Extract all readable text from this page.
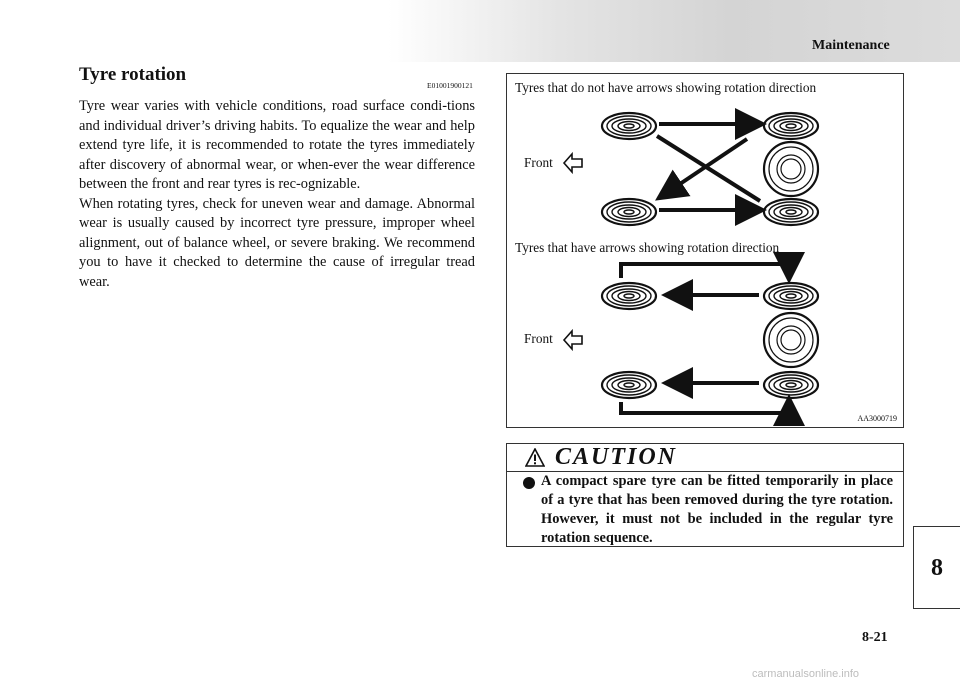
Maintenance
Tyre rotation
E01001900121

Tyre wear varies with vehicle conditions, road surface condi-tions and individual driver’s driving habits. To equalize the wear and help extend tyre life, it is recommended to rotate the tyres immediately after discovery of abnormal wear, or when-ever the wear difference between the front and rear tyres is rec-ognizable.

When rotating tyres, check for uneven wear and damage. Abnormal wear is usually caused by incorrect tyre pressure, improper wheel alignment, out of balance wheel, or severe braking. We recommend you to have it checked to determine the cause of irregular tread wear.

Tyres that do not have arrows showing rotation direction
Front
Tyres that have arrows showing rotation direction
Front
AA3000719
CAUTION
A compact spare tyre can be fitted temporarily in place of a tyre that has been removed during the tyre rotation. However, it must not be included in the regular tyre rotation sequence.
8
8-21
carmanualsonline.info
